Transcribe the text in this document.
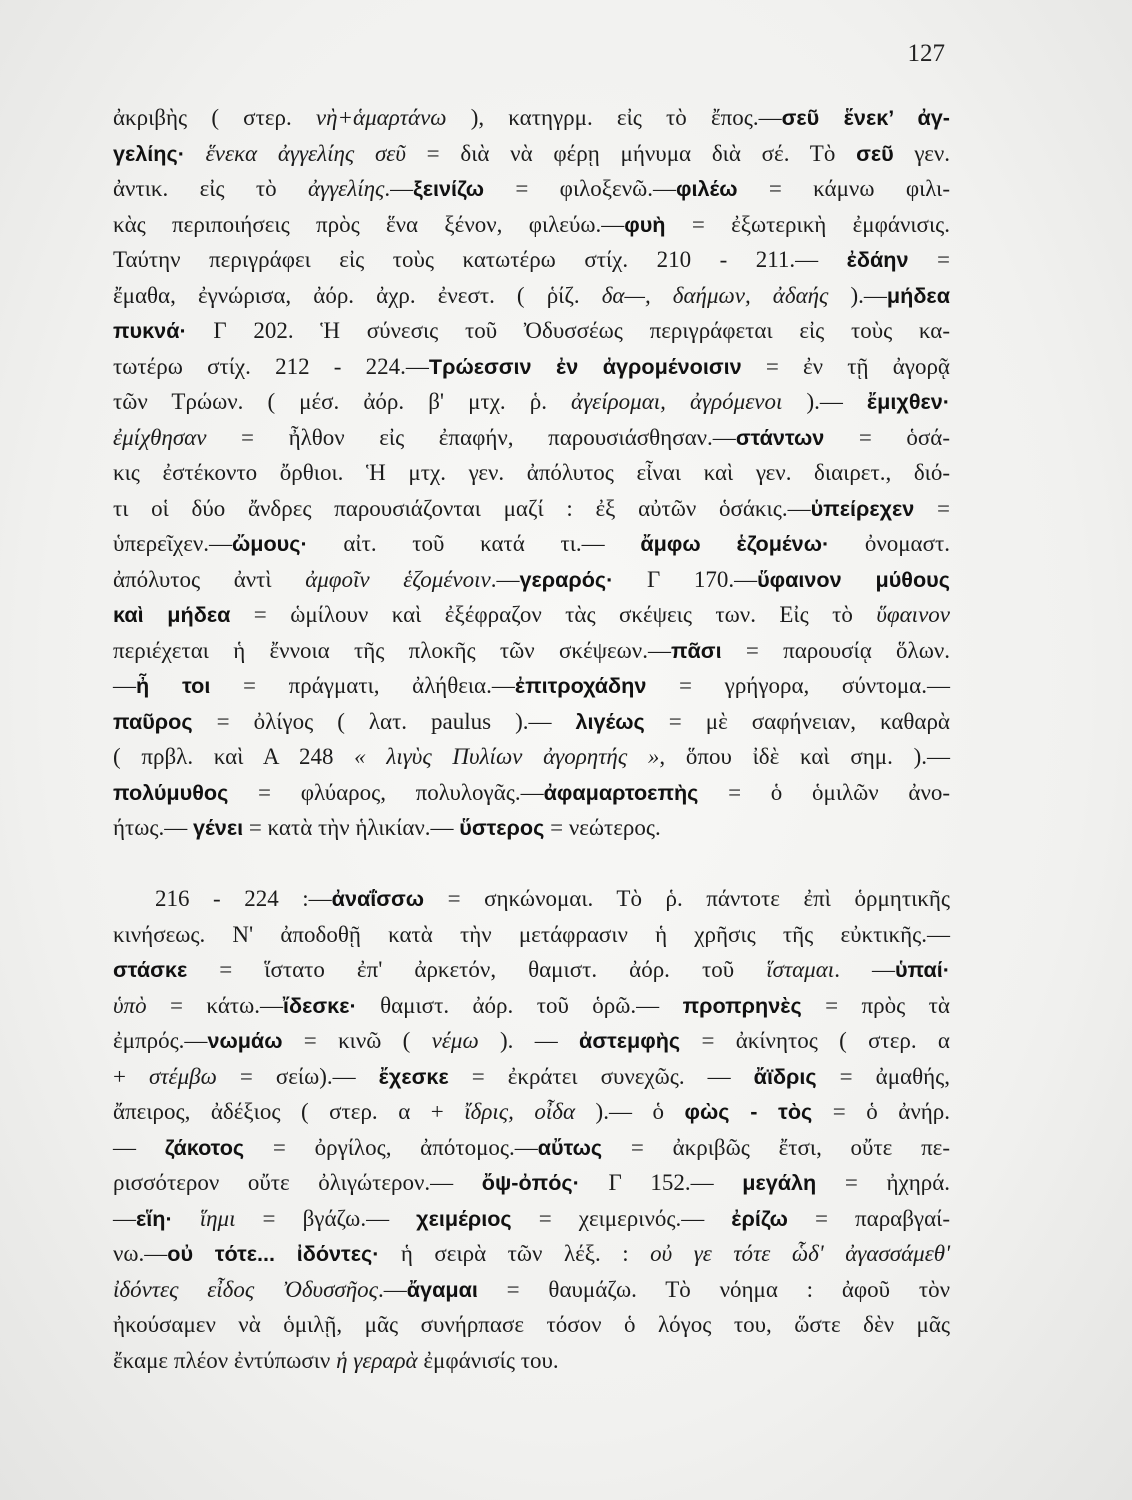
127
ἀκριβὴς ( στερ. νὴ+ἁμαρτάνω ), κατηγρμ. εἰς τὸ ἔπος.—σεῦ ἕνεκ’ ἀγ-
γελίης· ἕνεκα ἀγγελίης σεῦ = διὰ νὰ φέρῃ μήνυμα διὰ σέ. Τὸ σεῦ γεν.
ἀντικ. εἰς τὸ ἀγγελίης.—ξεινίζω = φιλοξενῶ.—φιλέω = κάμνω φιλι-
κὰς περιποιήσεις πρὸς ἕνα ξένον, φιλεύω.—φυὴ = ἐξωτερικὴ ἐμφάνισις.
Ταύτην περιγράφει εἰς τοὺς κατωτέρω στίχ. 210 - 211.— ἐδάην =
ἔμαθα, ἐγνώρισα, ἀόρ. ἀχρ. ἐνεστ. ( ῥίζ. δα—, δαήμων, ἀδαής ).—μήδεα
πυκνά· Γ 202. Ἡ σύνεσις τοῦ Ὀδυσσέως περιγράφεται εἰς τοὺς κα-
τωτέρω στίχ. 212 - 224.—Τρώεσσιν ἐν ἀγρομένοισιν = ἐν τῇ ἀγορᾷ
τῶν Τρώων. ( μέσ. ἀόρ. β' μτχ. ῥ. ἀγείρομαι, ἀγρόμενοι ).— ἔμιχθεν·
ἐμίχθησαν = ἦλθον εἰς ἐπαφήν, παρουσιάσθησαν.—στάντων = ὁσά-
κις ἐστέκοντο ὄρθιοι. Ἡ μτχ. γεν. ἀπόλυτος εἶναι καὶ γεν. διαιρετ., διό-
τι οἱ δύο ἄνδρες παρουσιάζονται μαζί : ἐξ αὐτῶν ὁσάκις.—ὑπείρεχεν =
ὑπερεῖχεν.—ὤμους· αἰτ. τοῦ κατά τι.— ἄμφω ἑζομένω· ὀνομαστ.
ἀπόλυτος ἀντὶ ἀμφοῖν ἑζομένοιν.—γεραρός· Γ 170.—ὕφαινον μύθους
καὶ μήδεα = ὡμίλουν καὶ ἐξέφραζον τὰς σκέψεις των. Εἰς τὸ ὕφαινον
περιέχεται ἡ ἔννοια τῆς πλοκῆς τῶν σκέψεων.—πᾶσι = παρουσίᾳ ὅλων.
—ἦ τοι = πράγματι, ἀλήθεια.—ἐπιτροχάδην = γρήγορα, σύντομα.—
παῦρος = ὀλίγος ( λατ. paulus ).— λιγέως = μὲ σαφήνειαν, καθαρὰ
( πρβλ. καὶ Α 248 « λιγὺς Πυλίων ἀγορητής », ὅπου ἰδὲ καὶ σημ. ).—
πολύμυθος = φλύαρος, πολυλογᾶς.—ἀφαμαρτοεπὴς = ὁ ὁμιλῶν ἀνο-
ήτως.— γένει = κατὰ τὴν ἡλικίαν.— ὕστερος = νεώτερος.
216 - 224 :—ἀναΐσσω = σηκώνομαι. Τὸ ῥ. πάντοτε ἐπὶ ὁρμητικῆς
κινήσεως. Ν' ἀποδοθῇ κατὰ τὴν μετάφρασιν ἡ χρῆσις τῆς εὐκτικῆς.—
στάσκε = ἵστατο ἐπ' ἀρκετόν, θαμιστ. ἀόρ. τοῦ ἵσταμαι. —ὑπαί·
ὑπὸ = κάτω.—ἴδεσκε· θαμιστ. ἀόρ. τοῦ ὁρῶ.— προπρηνὲς = πρὸς τὰ
ἐμπρός.—νωμάω = κινῶ ( νέμω ). — ἀστεμφὴς = ἀκίνητος ( στερ. α
+ στέμβω = σείω).— ἔχεσκε = ἐκράτει συνεχῶς. — ἄϊδρις = ἀμαθής,
ἄπειρος, ἀδέξιος ( στερ. α + ἴδρις, οἶδα ).— ὁ φὼς - τὸς = ὁ ἀνήρ.
— ζάκοτος = ὀργίλος, ἀπότομος.—αὔτως = ἀκριβῶς ἔτσι, οὔτε πε-
ρισσότερον οὔτε ὀλιγώτερον.— ὄψ-ὀπός· Γ 152.— μεγάλη = ἠχηρά.
—εἵη· ἵημι = βγάζω.— χειμέριος = χειμερινός.— ἐρίζω = παραβγαί-
νω.—οὐ τότε... ἰδόντες· ἡ σειρὰ τῶν λέξ. : οὐ γε τότε ὧδ' ἀγασσάμεθ'
ἰδόντες εἶδος Ὀδυσσῆος.—ἄγαμαι = θαυμάζω. Τὸ νόημα : ἀφοῦ τὸν
ἠκούσαμεν νὰ ὁμιλῇ, μᾶς συνήρπασε τόσον ὁ λόγος του, ὥστε δὲν μᾶς
ἔκαμε πλέον ἐντύπωσιν ἡ γεραρὰ ἐμφάνισίς του.
